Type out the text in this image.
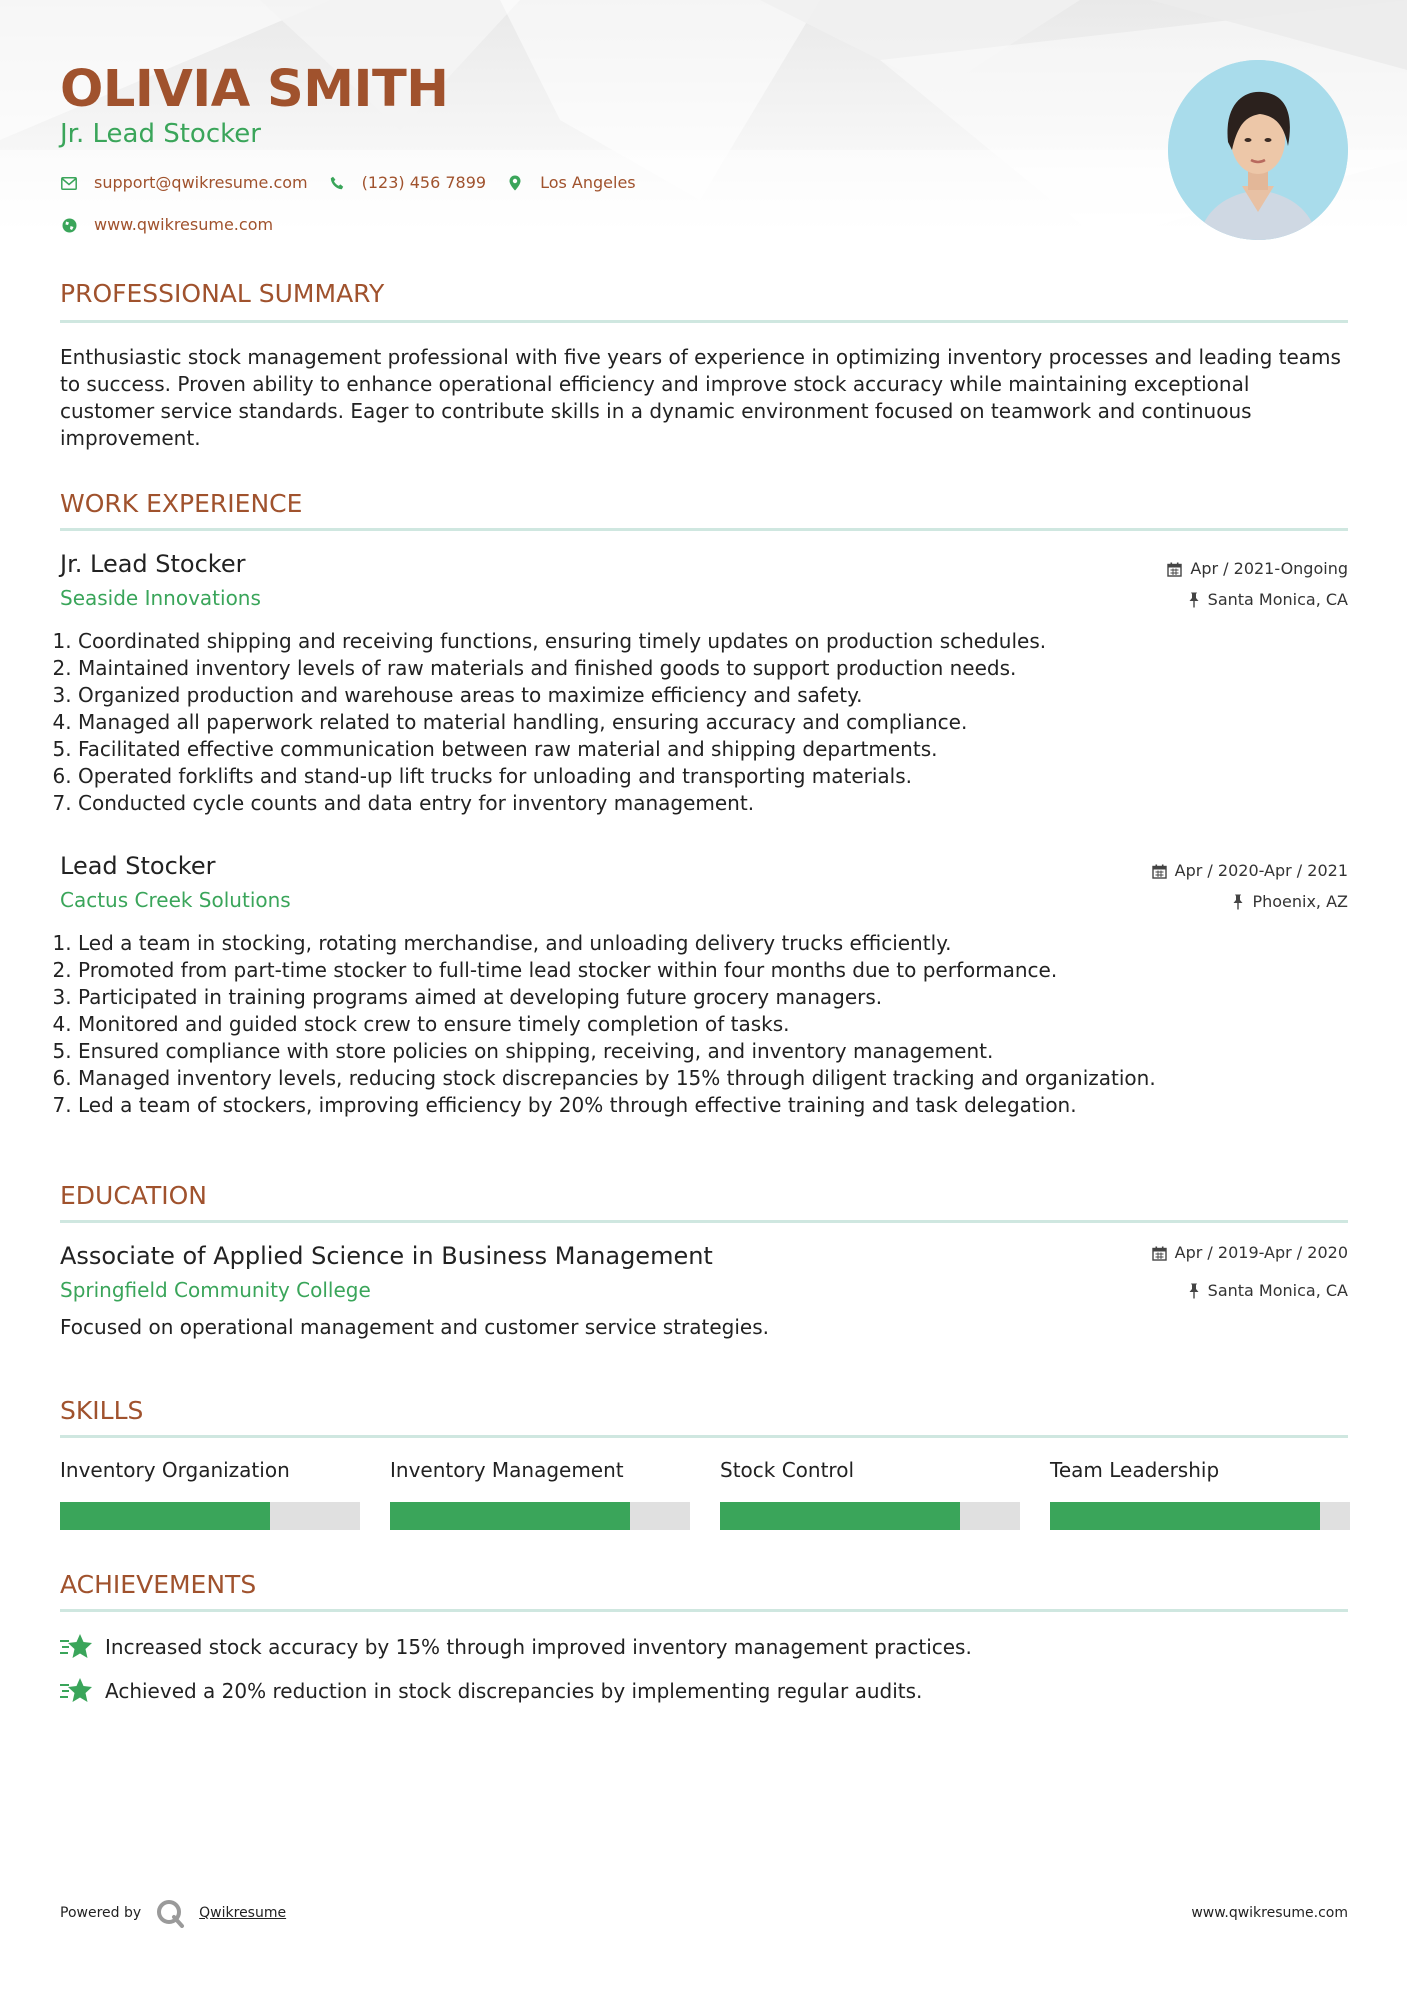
OLIVIA SMITH
Jr. Lead Stocker
support@qwikresume.com	(123) 456 7899	Los Angeles
www.qwikresume.com
PROFESSIONAL SUMMARY
Enthusiastic stock management professional with five years of experience in optimizing inventory processes and leading teams to success. Proven ability to enhance operational efficiency and improve stock accuracy while maintaining exceptional customer service standards. Eager to contribute skills in a dynamic environment focused on teamwork and continuous improvement.
WORK EXPERIENCE
Jr. Lead Stocker
Seaside Innovations
Apr / 2021-Ongoing
Santa Monica, CA
1. Coordinated shipping and receiving functions, ensuring timely updates on production schedules.
2. Maintained inventory levels of raw materials and finished goods to support production needs.
3. Organized production and warehouse areas to maximize efficiency and safety.
4. Managed all paperwork related to material handling, ensuring accuracy and compliance.
5. Facilitated effective communication between raw material and shipping departments.
6. Operated forklifts and stand-up lift trucks for unloading and transporting materials.
7. Conducted cycle counts and data entry for inventory management.
Lead Stocker
Cactus Creek Solutions
Apr / 2020-Apr / 2021
Phoenix, AZ
1. Led a team in stocking, rotating merchandise, and unloading delivery trucks efficiently.
2. Promoted from part-time stocker to full-time lead stocker within four months due to performance.
3. Participated in training programs aimed at developing future grocery managers.
4. Monitored and guided stock crew to ensure timely completion of tasks.
5. Ensured compliance with store policies on shipping, receiving, and inventory management.
6. Managed inventory levels, reducing stock discrepancies by 15% through diligent tracking and organization.
7. Led a team of stockers, improving efficiency by 20% through effective training and task delegation.
EDUCATION
Associate of Applied Science in Business Management
Springfield Community College
Apr / 2019-Apr / 2020
Santa Monica, CA
Focused on operational management and customer service strategies.
SKILLS
Inventory Organization	Inventory Management	Stock Control	Team Leadership
ACHIEVEMENTS
Increased stock accuracy by 15% through improved inventory management practices.
Achieved a 20% reduction in stock discrepancies by implementing regular audits.
Powered by	Qwikresume	www.qwikresume.com
